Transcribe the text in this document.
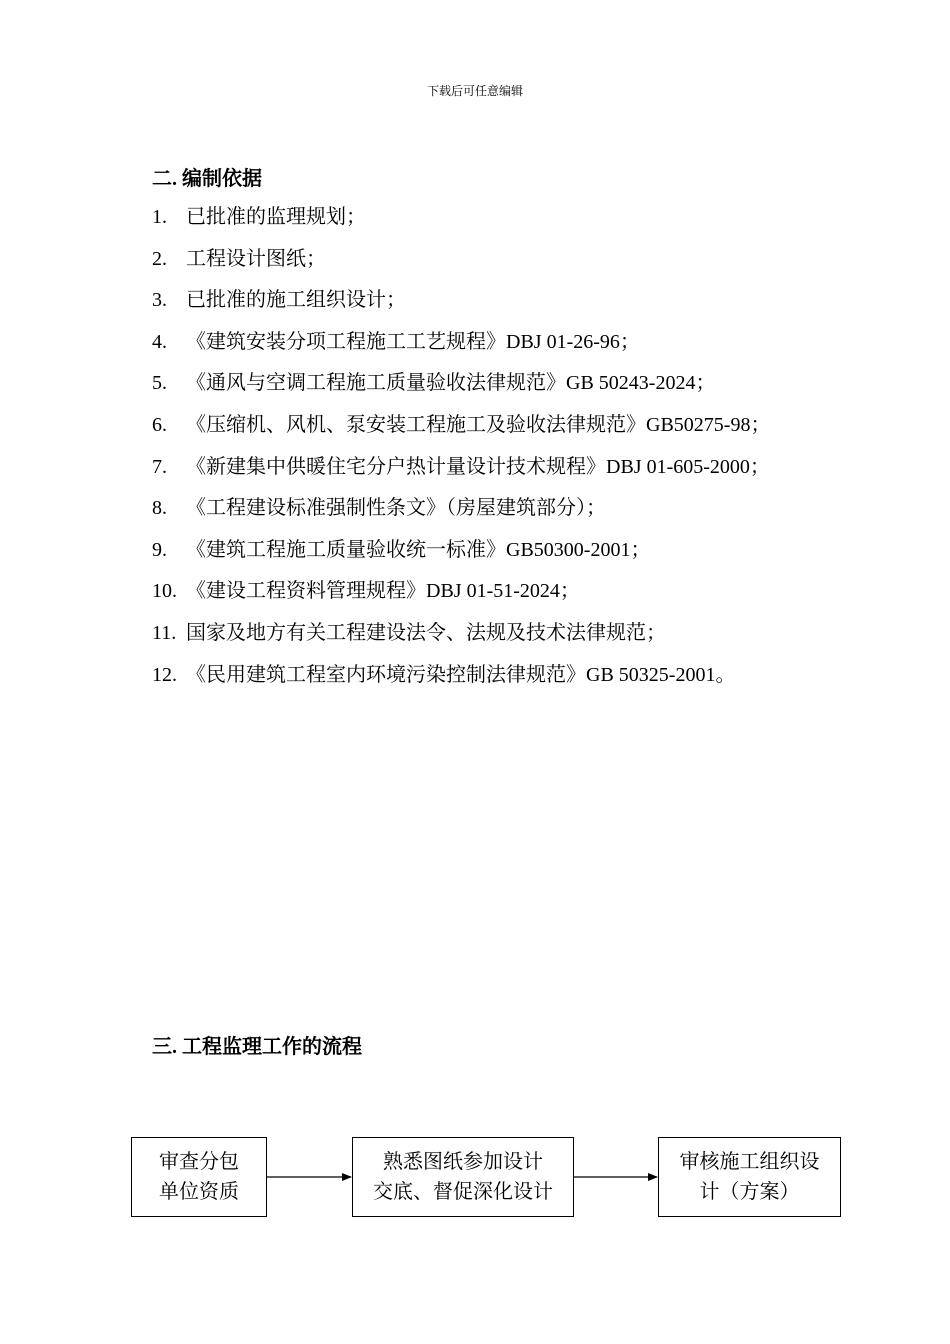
下载后可任意编辑
二. 编制依据
1. 已批准的监理规划；
2. 工程设计图纸；
3. 已批准的施工组织设计；
4. 《建筑安装分项工程施工工艺规程》DBJ 01-26-96；
5. 《通风与空调工程施工质量验收法律规范》GB 50243-2024；
6. 《压缩机、风机、泵安装工程施工及验收法律规范》GB50275-98；
7. 《新建集中供暖住宅分户热计量设计技术规程》DBJ 01-605-2000；
8. 《工程建设标准强制性条文》（房屋建筑部分）；
9. 《建筑工程施工质量验收统一标准》GB50300-2001；
10. 《建设工程资料管理规程》DBJ 01-51-2024；
11. 国家及地方有关工程建设法令、法规及技术法律规范；
12. 《民用建筑工程室内环境污染控制法律规范》GB 50325-2001。
三. 工程监理工作的流程
审查分包
单位资质
熟悉图纸参加设计
交底、督促深化设计
审核施工组织设
计（方案）
